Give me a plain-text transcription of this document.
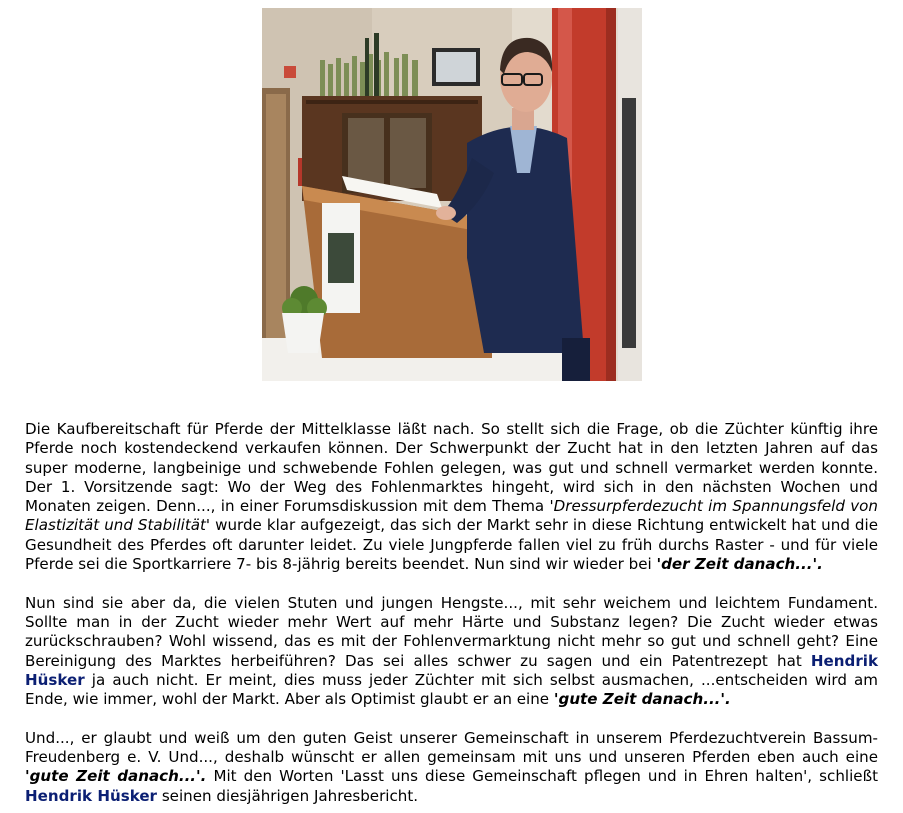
Die Kaufbereitschaft für Pferde der Mittelklasse läßt nach. So stellt sich die Frage, ob die Züchter künftig ihre Pferde noch kostendeckend verkaufen können. Der Schwerpunkt der Zucht hat in den letzten Jahren auf das super moderne, langbeinige und schwebende Fohlen gelegen, was gut und schnell vermarket werden konnte. Der 1. Vorsitzende sagt: Wo der Weg des Fohlenmarktes hingeht, wird sich in den nächsten Wochen und Monaten zeigen. Denn..., in einer Forumsdiskussion mit dem Thema 'Dressurpferdezucht im Spannungsfeld von Elastizität und Stabilität' wurde klar aufgezeigt, das sich der Markt sehr in diese Richtung entwickelt hat und die Gesundheit des Pferdes oft darunter leidet. Zu viele Jungpferde fallen viel zu früh durchs Raster - und für viele Pferde sei die Sportkarriere 7- bis 8-jährig bereits beendet. Nun sind wir wieder bei 'der Zeit danach...'.

Nun sind sie aber da, die vielen Stuten und jungen Hengste..., mit sehr weichem und leichtem Fundament. Sollte man in der Zucht wieder mehr Wert auf mehr Härte und Substanz legen? Die Zucht wieder etwas zurückschrauben? Wohl wissend, das es mit der Fohlenvermarktung nicht mehr so gut und schnell geht? Eine Bereinigung des Marktes herbeiführen? Das sei alles schwer zu sagen und ein Patentrezept hat Hendrik Hüsker ja auch nicht. Er meint, dies muss jeder Züchter mit sich selbst ausmachen, ...entscheiden wird am Ende, wie immer, wohl der Markt. Aber als Optimist glaubt er an eine 'gute Zeit danach...'.

Und..., er glaubt und weiß um den guten Geist unserer Gemeinschaft in unserem Pferdezuchtverein Bassum-Freudenberg e. V. Und..., deshalb wünscht er allen gemeinsam mit uns und unseren Pferden eben auch eine 'gute Zeit danach...'. Mit den Worten 'Lasst uns diese Gemeinschaft pflegen und in Ehren halten', schließt Hendrik Hüsker seinen diesjährigen Jahresbericht.
